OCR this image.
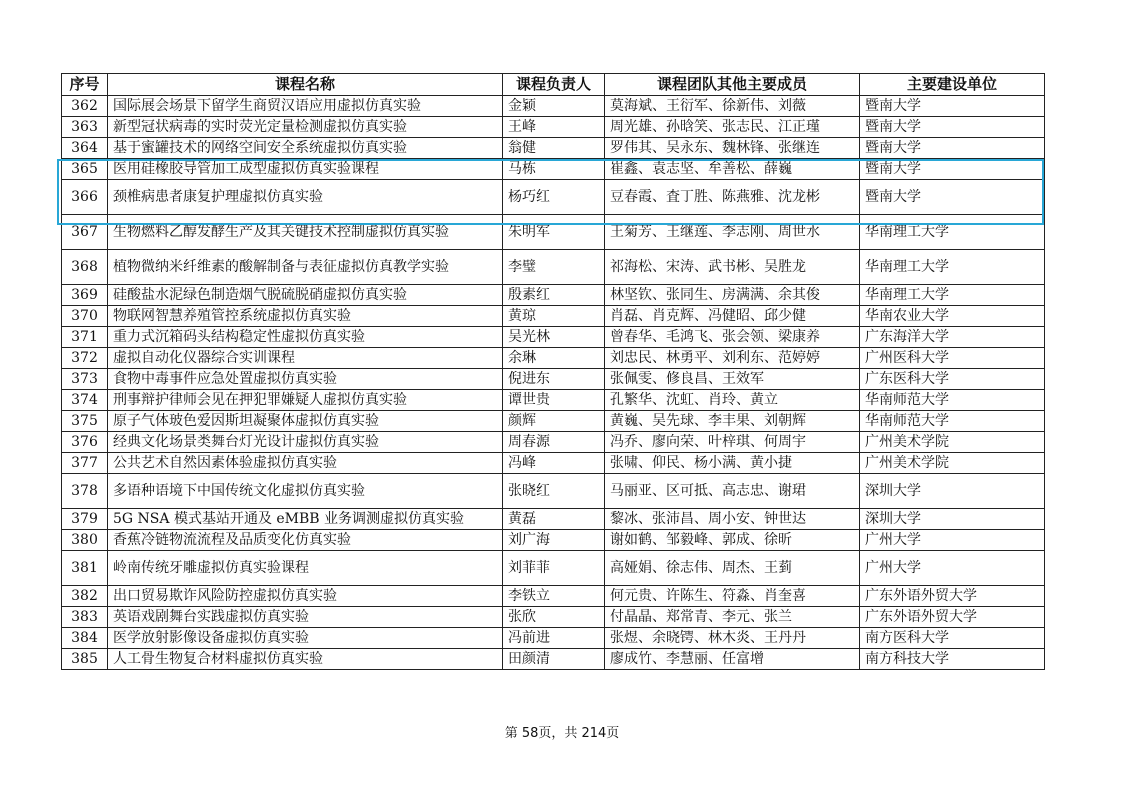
序号	课程名称	课程负责人	课程团队其他主要成员	主要建设单位
362	国际展会场景下留学生商贸汉语应用虚拟仿真实验	金颖	莫海斌、王衍军、徐新伟、刘薇	暨南大学
363	新型冠状病毒的实时荧光定量检测虚拟仿真实验	王峰	周光雄、孙晗笑、张志民、江正瑾	暨南大学
364	基于蜜罐技术的网络空间安全系统虚拟仿真实验	翁健	罗伟其、吴永东、魏林锋、张继连	暨南大学
365	医用硅橡胶导管加工成型虚拟仿真实验课程	马栋	崔鑫、袁志坚、牟善松、薛巍	暨南大学
366	颈椎病患者康复护理虚拟仿真实验	杨巧红	豆春霞、査丁胜、陈燕雅、沈龙彬	暨南大学
367	生物燃料乙醇发酵生产及其关键技术控制虚拟仿真实验	朱明军	王菊芳、王继莲、李志刚、周世水	华南理工大学
368	植物微纳米纤维素的酸解制备与表征虚拟仿真教学实验	李璧	祁海松、宋涛、武书彬、吴胜龙	华南理工大学
369	硅酸盐水泥绿色制造烟气脱硫脱硝虚拟仿真实验	殷素红	林坚钦、张同生、房满满、余其俊	华南理工大学
370	物联网智慧养殖管控系统虚拟仿真实验	黄琼	肖磊、肖克辉、冯健昭、邱少健	华南农业大学
371	重力式沉箱码头结构稳定性虚拟仿真实验	吴光林	曾春华、毛鸿飞、张会领、梁康养	广东海洋大学
372	虚拟自动化仪器综合实训课程	余琳	刘忠民、林勇平、刘利东、范婷婷	广州医科大学
373	食物中毒事件应急处置虚拟仿真实验	倪进东	张佩雯、修良昌、王效军	广东医科大学
374	刑事辩护律师会见在押犯罪嫌疑人虚拟仿真实验	谭世贵	孔繁华、沈虹、肖玲、黄立	华南师范大学
375	原子气体玻色爱因斯坦凝聚体虚拟仿真实验	颜辉	黄巍、吴先球、李丰果、刘朝辉	华南师范大学
376	经典文化场景类舞台灯光设计虚拟仿真实验	周春源	冯乔、廖向荣、叶梓琪、何周宇	广州美术学院
377	公共艺术自然因素体验虚拟仿真实验	冯峰	张啸、仰民、杨小满、黄小捷	广州美术学院
378	多语种语境下中国传统文化虚拟仿真实验	张晓红	马丽亚、区可抵、高志忠、谢珺	深圳大学
379	5G NSA 模式基站开通及 eMBB 业务调测虚拟仿真实验	黄磊	黎冰、张沛昌、周小安、钟世达	深圳大学
380	香蕉冷链物流流程及品质变化仿真实验	刘广海	谢如鹤、邹毅峰、郭成、徐昕	广州大学
381	岭南传统牙雕虚拟仿真实验课程	刘菲菲	高娅娟、徐志伟、周杰、王菿	广州大学
382	出口贸易欺诈风险防控虚拟仿真实验	李铁立	何元贵、许陈生、符淼、肖奎喜	广东外语外贸大学
383	英语戏剧舞台实践虚拟仿真实验	张欣	付晶晶、郑常青、李元、张兰	广东外语外贸大学
384	医学放射影像设备虚拟仿真实验	冯前进	张煜、余晓锷、林木炎、王丹丹	南方医科大学
385	人工骨生物复合材料虚拟仿真实验	田颜清	廖成竹、李慧丽、任富增	南方科技大学
第 58页，共 214页
